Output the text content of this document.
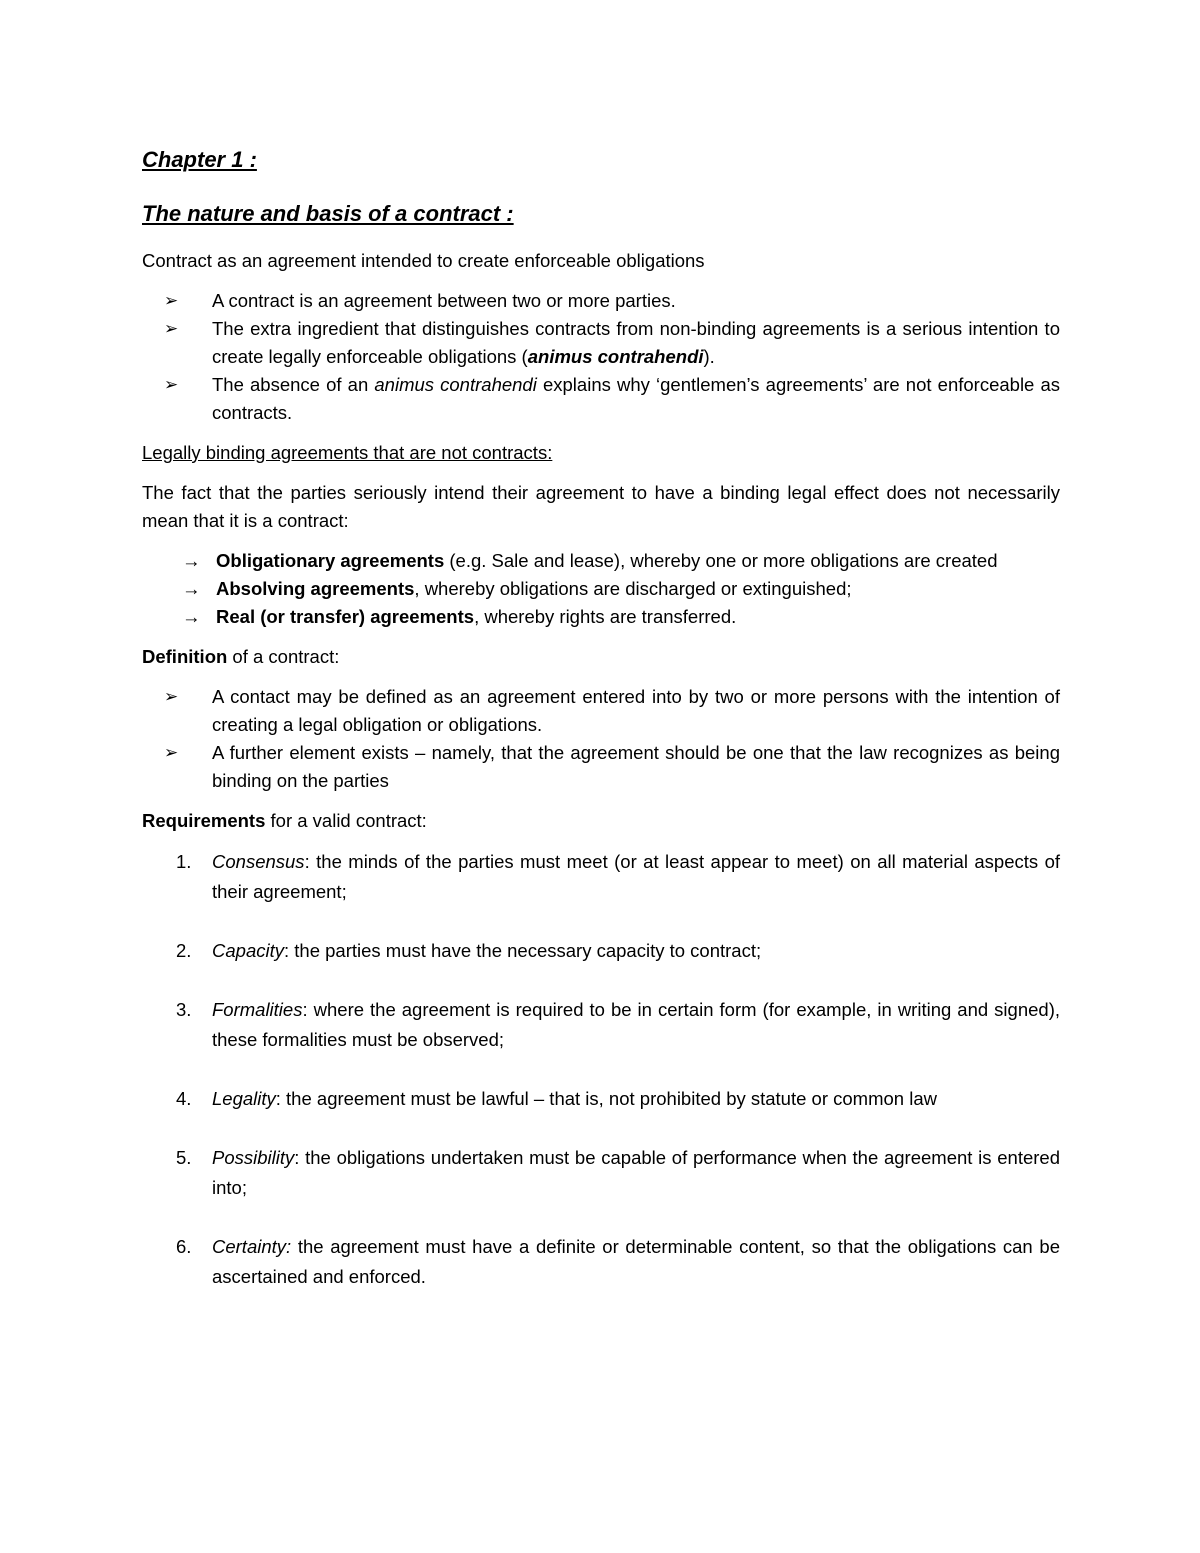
Chapter 1 :
The nature and basis of a contract :

Contract as an agreement intended to create enforceable obligations

➢ A contract is an agreement between two or more parties.
➢ The extra ingredient that distinguishes contracts from non-binding agreements is a serious intention to create legally enforceable obligations (animus contrahendi).
➢ The absence of an animus contrahendi explains why ‘gentlemen’s agreements’ are not enforceable as contracts.

Legally binding agreements that are not contracts:

The fact that the parties seriously intend their agreement to have a binding legal effect does not necessarily mean that it is a contract:

→ Obligationary agreements (e.g. Sale and lease), whereby one or more obligations are created
→ Absolving agreements, whereby obligations are discharged or extinguished;
→ Real (or transfer) agreements, whereby rights are transferred.

Definition of a contract:

➢ A contact may be defined as an agreement entered into by two or more persons with the intention of creating a legal obligation or obligations.
➢ A further element exists – namely, that the agreement should be one that the law recognizes as being binding on the parties

Requirements for a valid contract:

1. Consensus: the minds of the parties must meet (or at least appear to meet) on all material aspects of their agreement;
2. Capacity: the parties must have the necessary capacity to contract;
3. Formalities: where the agreement is required to be in certain form (for example, in writing and signed), these formalities must be observed;
4. Legality: the agreement must be lawful – that is, not prohibited by statute or common law
5. Possibility: the obligations undertaken must be capable of performance when the agreement is entered into;
6. Certainty: the agreement must have a definite or determinable content, so that the obligations can be ascertained and enforced.
